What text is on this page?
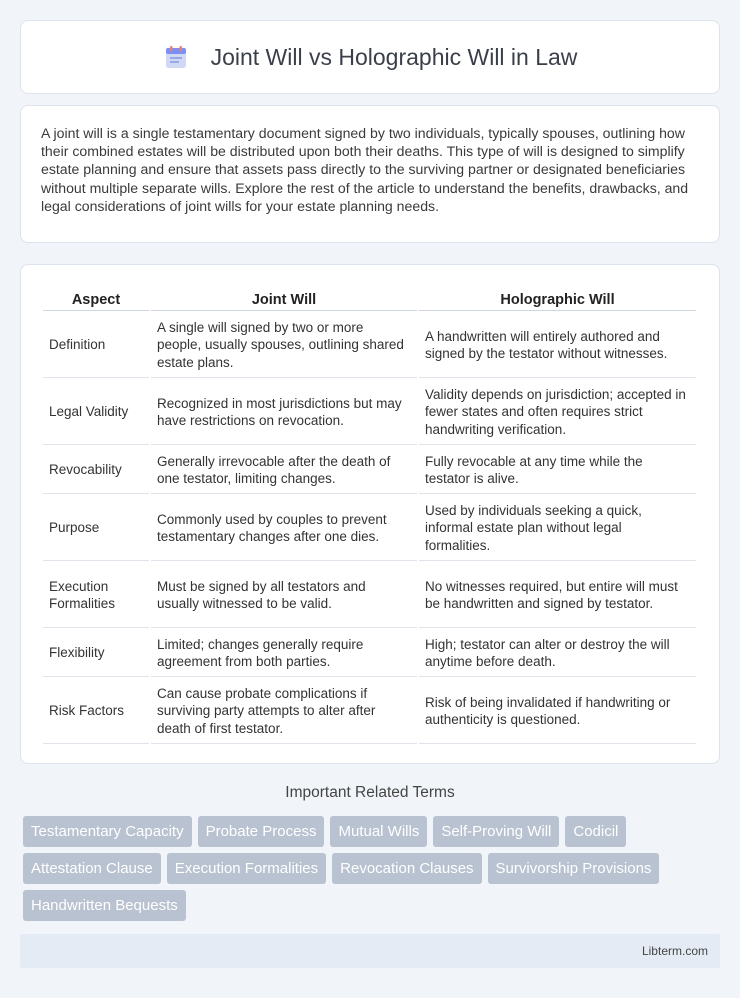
Joint Will vs Holographic Will in Law

A joint will is a single testamentary document signed by two individuals, typically spouses, outlining how their combined estates will be distributed upon both their deaths. This type of will is designed to simplify estate planning and ensure that assets pass directly to the surviving partner or designated beneficiaries without multiple separate wills. Explore the rest of the article to understand the benefits, drawbacks, and legal considerations of joint wills for your estate planning needs.

Aspect	Joint Will	Holographic Will
Definition	A single will signed by two or more people, usually spouses, outlining shared estate plans.	A handwritten will entirely authored and signed by the testator without witnesses.
Legal Validity	Recognized in most jurisdictions but may have restrictions on revocation.	Validity depends on jurisdiction; accepted in fewer states and often requires strict handwriting verification.
Revocability	Generally irrevocable after the death of one testator, limiting changes.	Fully revocable at any time while the testator is alive.
Purpose	Commonly used by couples to prevent testamentary changes after one dies.	Used by individuals seeking a quick, informal estate plan without legal formalities.
Execution Formalities	Must be signed by all testators and usually witnessed to be valid.	No witnesses required, but entire will must be handwritten and signed by testator.
Flexibility	Limited; changes generally require agreement from both parties.	High; testator can alter or destroy the will anytime before death.
Risk Factors	Can cause probate complications if surviving party attempts to alter after death of first testator.	Risk of being invalidated if handwriting or authenticity is questioned.
Important Related Terms
Testamentary Capacity	Probate Process	Mutual Wills	Self-Proving Will	Codicil
Attestation Clause	Execution Formalities	Revocation Clauses	Survivorship Provisions
Handwritten Bequests
Libterm.com
